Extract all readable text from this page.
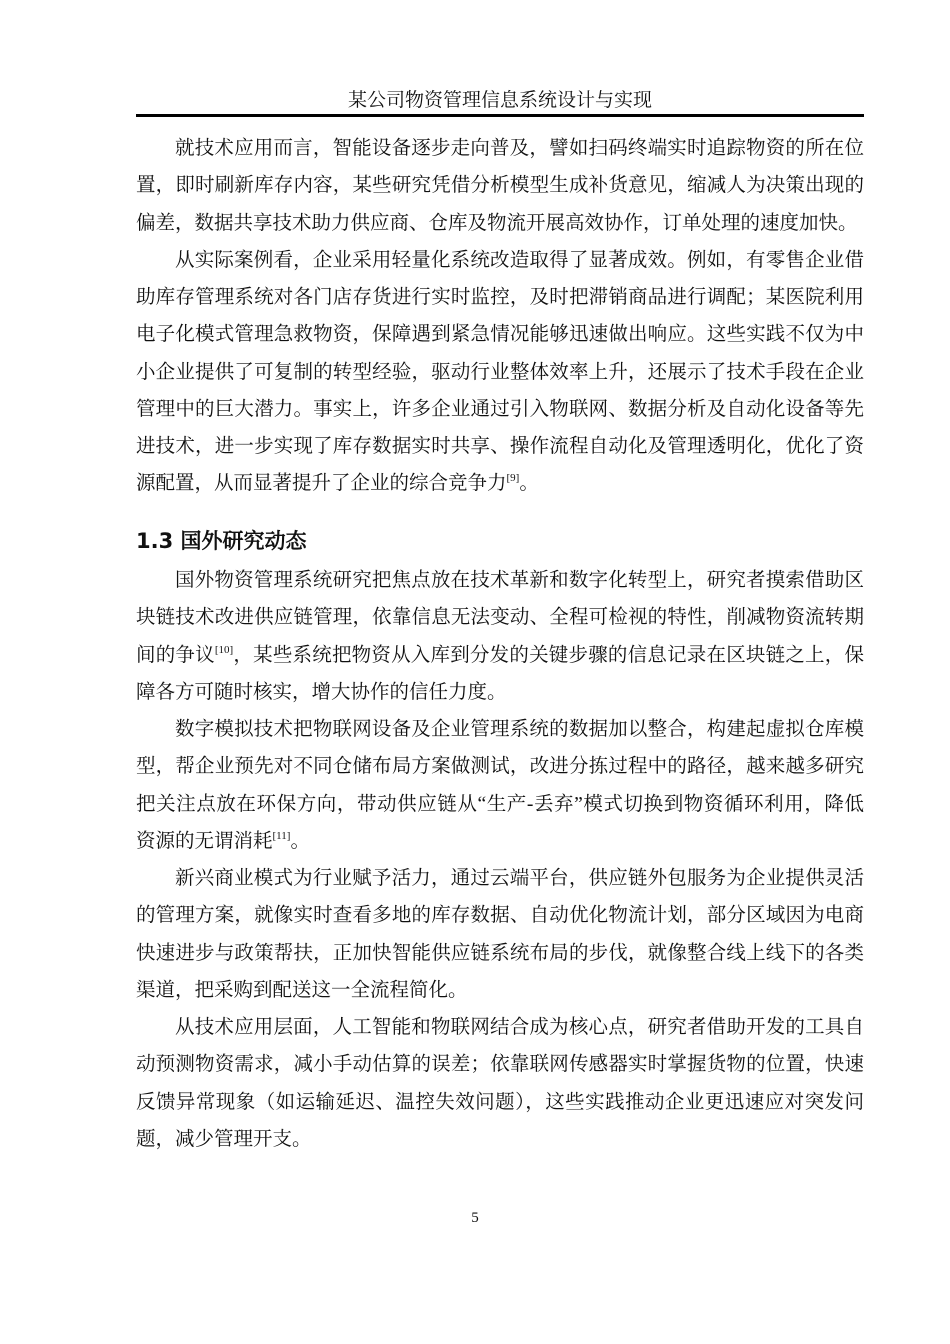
某公司物资管理信息系统设计与实现
就技术应用而言，智能设备逐步走向普及，譬如扫码终端实时追踪物资的所在位
置，即时刷新库存内容，某些研究凭借分析模型生成补货意见，缩减人为决策出现的
偏差，数据共享技术助力供应商、仓库及物流开展高效协作，订单处理的速度加快。
从实际案例看，企业采用轻量化系统改造取得了显著成效。例如，有零售企业借
助库存管理系统对各门店存货进行实时监控，及时把滞销商品进行调配；某医院利用
电子化模式管理急救物资，保障遇到紧急情况能够迅速做出响应。这些实践不仅为中
小企业提供了可复制的转型经验，驱动行业整体效率上升，还展示了技术手段在企业
管理中的巨大潜力。事实上，许多企业通过引入物联网、数据分析及自动化设备等先
进技术，进一步实现了库存数据实时共享、操作流程自动化及管理透明化，优化了资
源配置，从而显著提升了企业的综合竞争力[9]。
1.3 国外研究动态
国外物资管理系统研究把焦点放在技术革新和数字化转型上，研究者摸索借助区
块链技术改进供应链管理，依靠信息无法变动、全程可检视的特性，削减物资流转期
间的争议[10]，某些系统把物资从入库到分发的关键步骤的信息记录在区块链之上，保
障各方可随时核实，增大协作的信任力度。
数字模拟技术把物联网设备及企业管理系统的数据加以整合，构建起虚拟仓库模
型，帮企业预先对不同仓储布局方案做测试，改进分拣过程中的路径，越来越多研究
把关注点放在环保方向，带动供应链从“生产-丢弃”模式切换到物资循环利用，降低
资源的无谓消耗[11]。
新兴商业模式为行业赋予活力，通过云端平台，供应链外包服务为企业提供灵活
的管理方案，就像实时查看多地的库存数据、自动优化物流计划，部分区域因为电商
快速进步与政策帮扶，正加快智能供应链系统布局的步伐，就像整合线上线下的各类
渠道，把采购到配送这一全流程简化。
从技术应用层面，人工智能和物联网结合成为核心点，研究者借助开发的工具自
动预测物资需求，减小手动估算的误差；依靠联网传感器实时掌握货物的位置，快速
反馈异常现象（如运输延迟、温控失效问题），这些实践推动企业更迅速应对突发问
题，减少管理开支。
5
